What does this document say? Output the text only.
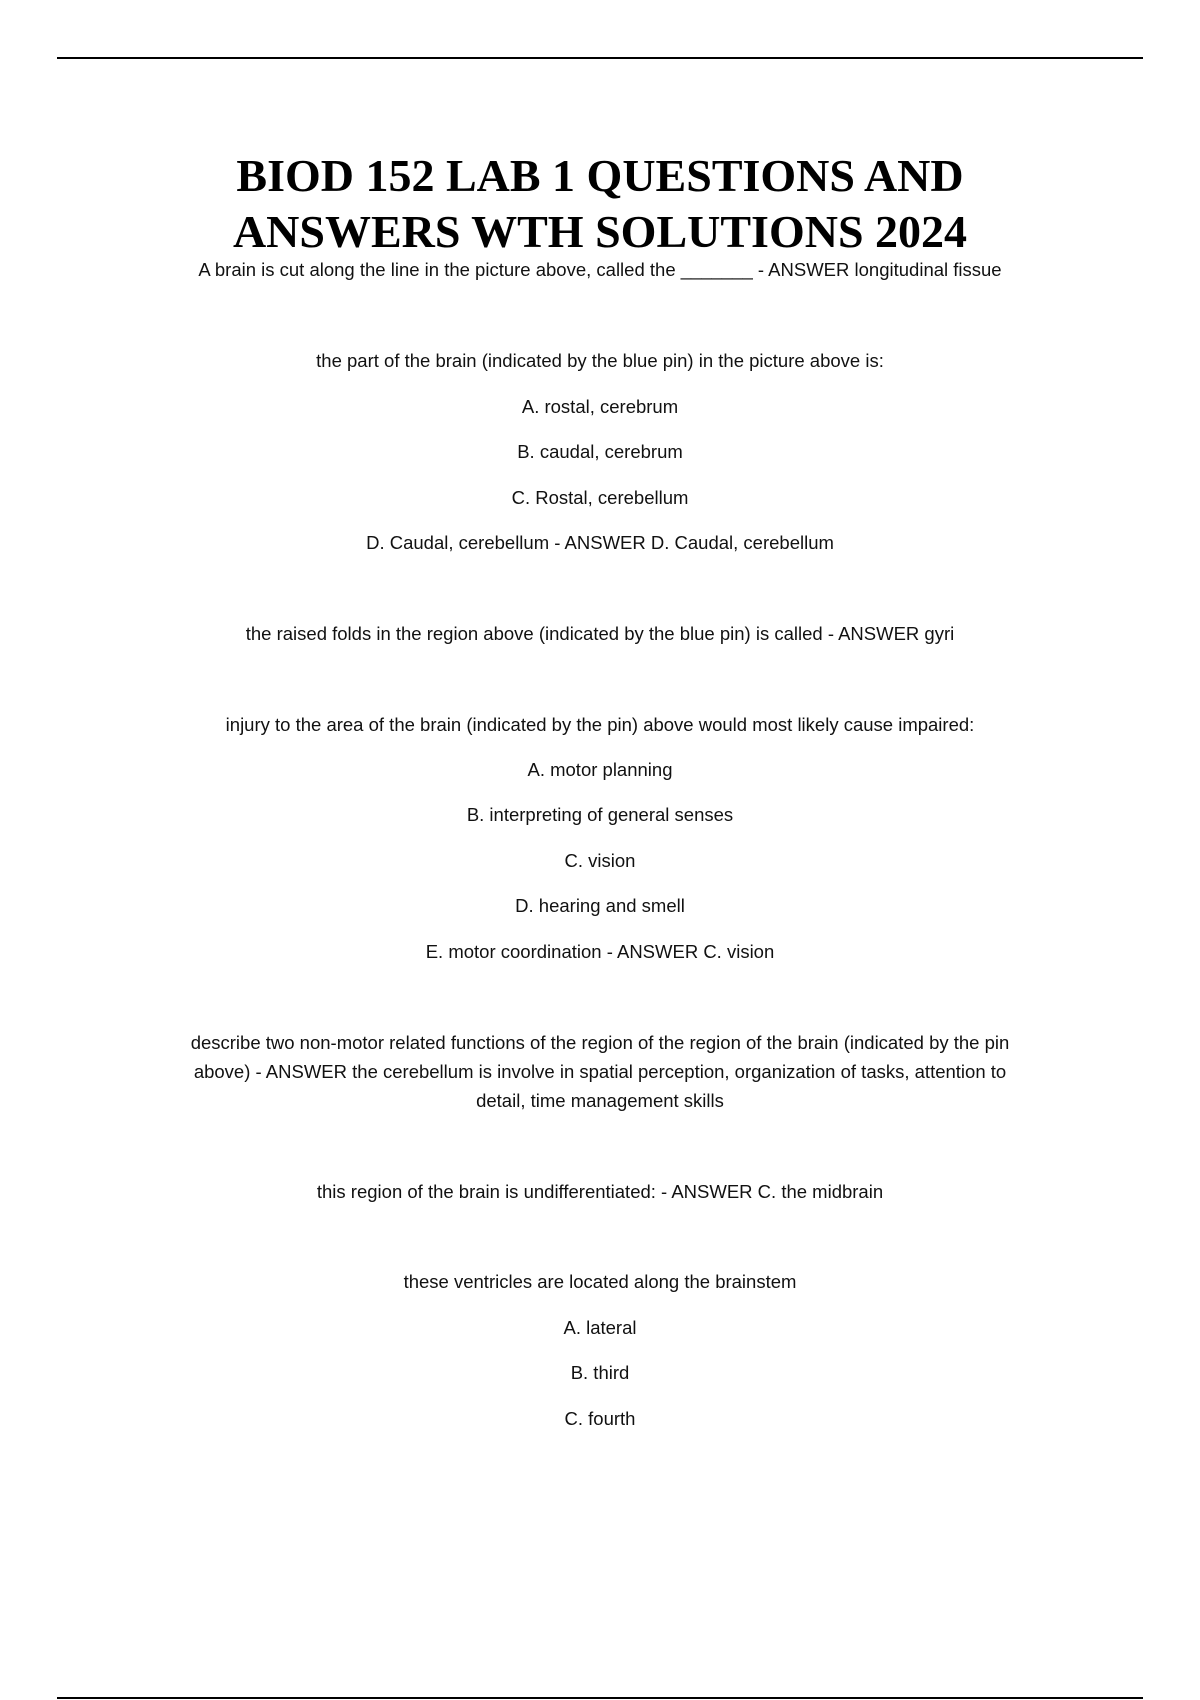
BIOD 152 LAB 1 QUESTIONS AND
ANSWERS WTH SOLUTIONS 2024
A brain is cut along the line in the picture above, called the _______ - ANSWER longitudinal fissue
the part of the brain (indicated by the blue pin) in the picture above is:
A. rostal, cerebrum
B. caudal, cerebrum
C. Rostal, cerebellum
D. Caudal, cerebellum - ANSWER D. Caudal, cerebellum
the raised folds in the region above (indicated by the blue pin) is called - ANSWER gyri
injury to the area of the brain (indicated by the pin) above would most likely cause impaired:
A. motor planning
B. interpreting of general senses
C. vision
D. hearing and smell
E. motor coordination - ANSWER C. vision
describe two non-motor related functions of the region of the region of the brain (indicated by the pin
above) - ANSWER the cerebellum is involve in spatial perception, organization of tasks, attention to
detail, time management skills
this region of the brain is undifferentiated: - ANSWER C. the midbrain
these ventricles are located along the brainstem
A. lateral
B. third
C. fourth
